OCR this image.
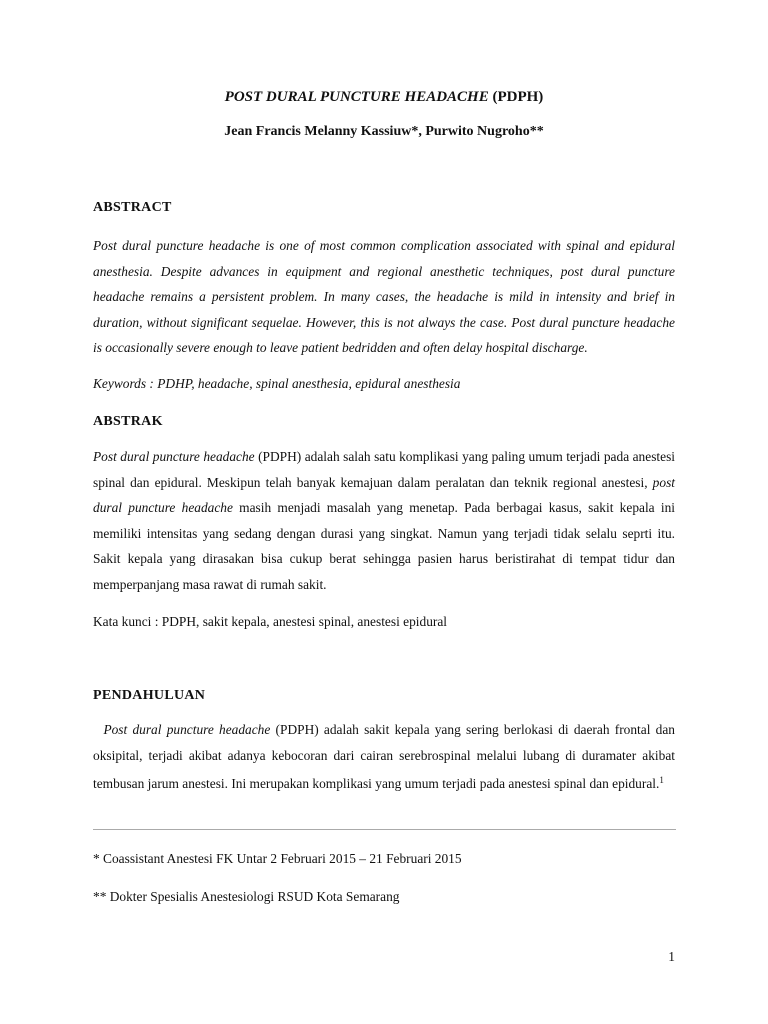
POST DURAL PUNCTURE HEADACHE (PDPH)
Jean Francis Melanny Kassiuw*, Purwito Nugroho**
ABSTRACT
Post dural puncture headache is one of most common complication associated with spinal and epidural anesthesia. Despite advances in equipment and regional anesthetic techniques, post dural puncture headache remains a persistent problem. In many cases, the headache is mild in intensity and brief in duration, without significant sequelae. However, this is not always the case. Post dural puncture headache is occasionally severe enough to leave patient bedridden and often delay hospital discharge.
Keywords : PDHP, headache, spinal anesthesia, epidural anesthesia
ABSTRAK
Post dural puncture headache (PDPH) adalah salah satu komplikasi yang paling umum terjadi pada anestesi spinal dan epidural. Meskipun telah banyak kemajuan dalam peralatan dan teknik regional anestesi, post dural puncture headache masih menjadi masalah yang menetap. Pada berbagai kasus, sakit kepala ini memiliki intensitas yang sedang dengan durasi yang singkat. Namun yang terjadi tidak selalu seprti itu. Sakit kepala yang dirasakan bisa cukup berat sehingga pasien harus beristirahat di tempat tidur dan memperpanjang masa rawat di rumah sakit.
Kata kunci : PDPH, sakit kepala, anestesi spinal, anestesi epidural
PENDAHULUAN
Post dural puncture headache (PDPH) adalah sakit kepala yang sering berlokasi di daerah frontal dan oksipital, terjadi akibat adanya kebocoran dari cairan serebrospinal melalui lubang di duramater akibat tembusan jarum anestesi. Ini merupakan komplikasi yang umum terjadi pada anestesi spinal dan epidural.$^1$
* Coassistant Anestesi FK Untar 2 Februari 2015 – 21 Februari 2015
** Dokter Spesialis Anestesiologi RSUD Kota Semarang
1
